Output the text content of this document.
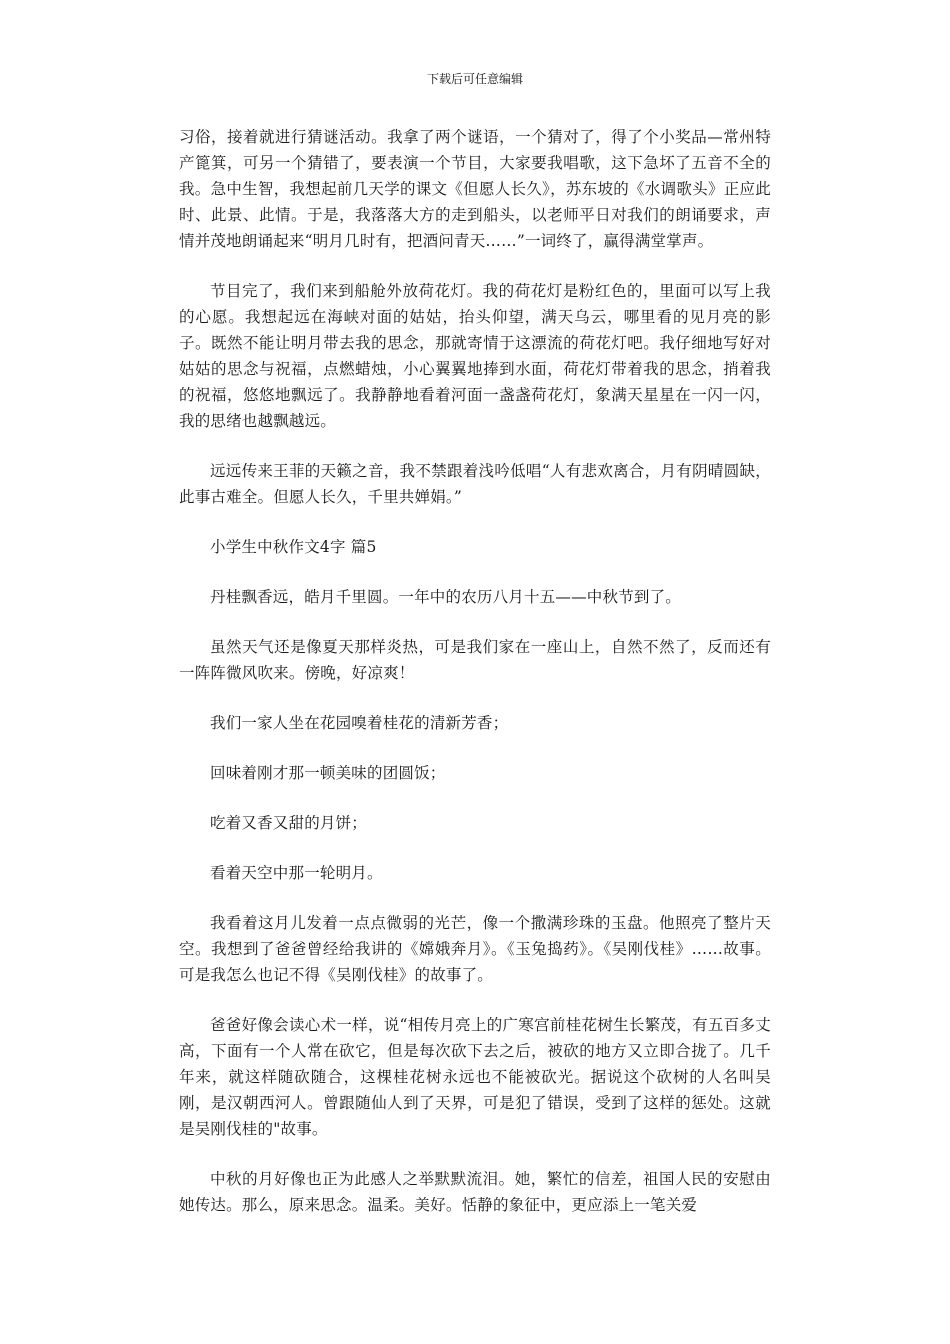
下载后可任意编辑

习俗，接着就进行猜谜活动。我拿了两个谜语，一个猜对了，得了个小奖品—常州特产篦箕，可另一个猜错了，要表演一个节目，大家要我唱歌，这下急坏了五音不全的我。急中生智，我想起前几天学的课文《但愿人长久》，苏东坡的《水调歌头》正应此时、此景、此情。于是，我落落大方的走到船头，以老师平日对我们的朗诵要求，声情并茂地朗诵起来“明月几时有，把酒问青天……”一词终了，赢得满堂掌声。

节目完了，我们来到船舱外放荷花灯。我的荷花灯是粉红色的，里面可以写上我的心愿。我想起远在海峡对面的姑姑，抬头仰望，满天乌云，哪里看的见月亮的影子。既然不能让明月带去我的思念，那就寄情于这漂流的荷花灯吧。我仔细地写好对姑姑的思念与祝福，点燃蜡烛，小心翼翼地捧到水面，荷花灯带着我的思念，捎着我的祝福，悠悠地飘远了。我静静地看着河面一盏盏荷花灯，象满天星星在一闪一闪，我的思绪也越飘越远。

远远传来王菲的天籁之音，我不禁跟着浅吟低唱“人有悲欢离合，月有阴晴圆缺，此事古难全。但愿人长久，千里共婵娟。”

小学生中秋作文4字 篇5

丹桂飘香远，皓月千里圆。一年中的农历八月十五——中秋节到了。

虽然天气还是像夏天那样炎热，可是我们家在一座山上，自然不然了，反而还有一阵阵微风吹来。傍晚，好凉爽！

我们一家人坐在花园嗅着桂花的清新芳香；

回味着刚才那一顿美味的团圆饭；

吃着又香又甜的月饼；

看着天空中那一轮明月。

我看着这月儿发着一点点微弱的光芒，像一个撒满珍珠的玉盘。他照亮了整片天空。我想到了爸爸曾经给我讲的《嫦娥奔月》。《玉兔捣药》。《吴刚伐桂》……故事。可是我怎么也记不得《吴刚伐桂》的故事了。

爸爸好像会读心术一样，说“相传月亮上的广寒宫前桂花树生长繁茂，有五百多丈高，下面有一个人常在砍它，但是每次砍下去之后，被砍的地方又立即合拢了。几千年来，就这样随砍随合，这棵桂花树永远也不能被砍光。据说这个砍树的人名叫吴刚，是汉朝西河人。曾跟随仙人到了天界，可是犯了错误，受到了这样的惩处。这就是吴刚伐桂的"故事。

中秋的月好像也正为此感人之举默默流泪。她，繁忙的信差，祖国人民的安慰由她传达。那么，原来思念。温柔。美好。恬静的象征中，更应添上一笔关爱
